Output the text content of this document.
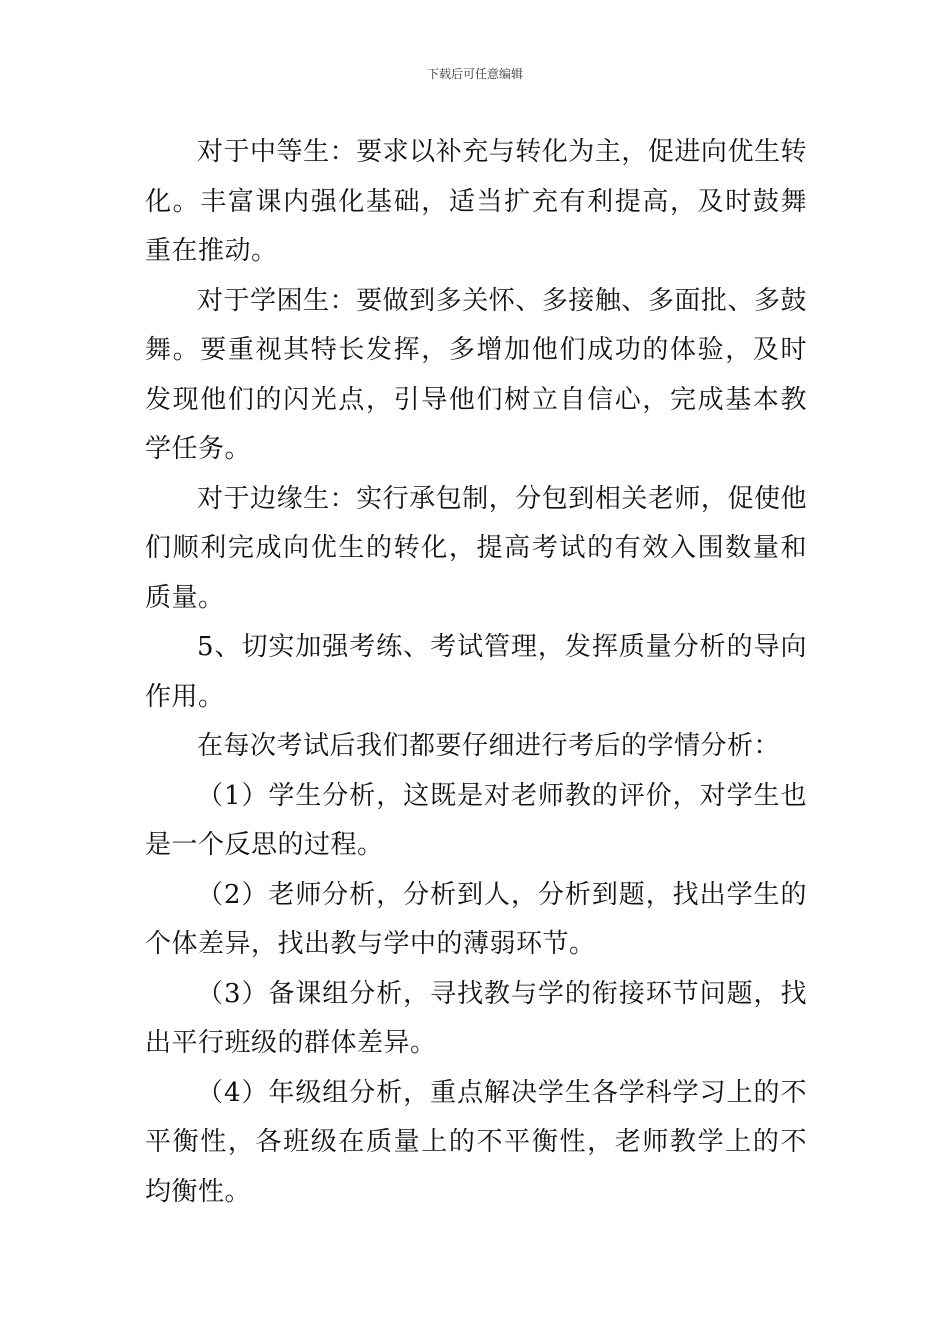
下载后可任意编辑

对于中等生：要求以补充与转化为主，促进向优生转化。丰富课内强化基础，适当扩充有利提高，及时鼓舞重在推动。

对于学困生：要做到多关怀、多接触、多面批、多鼓舞。要重视其特长发挥，多增加他们成功的体验，及时发现他们的闪光点，引导他们树立自信心，完成基本教学任务。

对于边缘生：实行承包制，分包到相关老师，促使他们顺利完成向优生的转化，提高考试的有效入围数量和质量。

5、切实加强考练、考试管理，发挥质量分析的导向作用。

在每次考试后我们都要仔细进行考后的学情分析：

（1）学生分析，这既是对老师教的评价，对学生也是一个反思的过程。

（2）老师分析，分析到人，分析到题，找出学生的个体差异，找出教与学中的薄弱环节。

（3）备课组分析，寻找教与学的衔接环节问题，找出平行班级的群体差异。

（4）年级组分析，重点解决学生各学科学习上的不平衡性，各班级在质量上的不平衡性，老师教学上的不均衡性。
